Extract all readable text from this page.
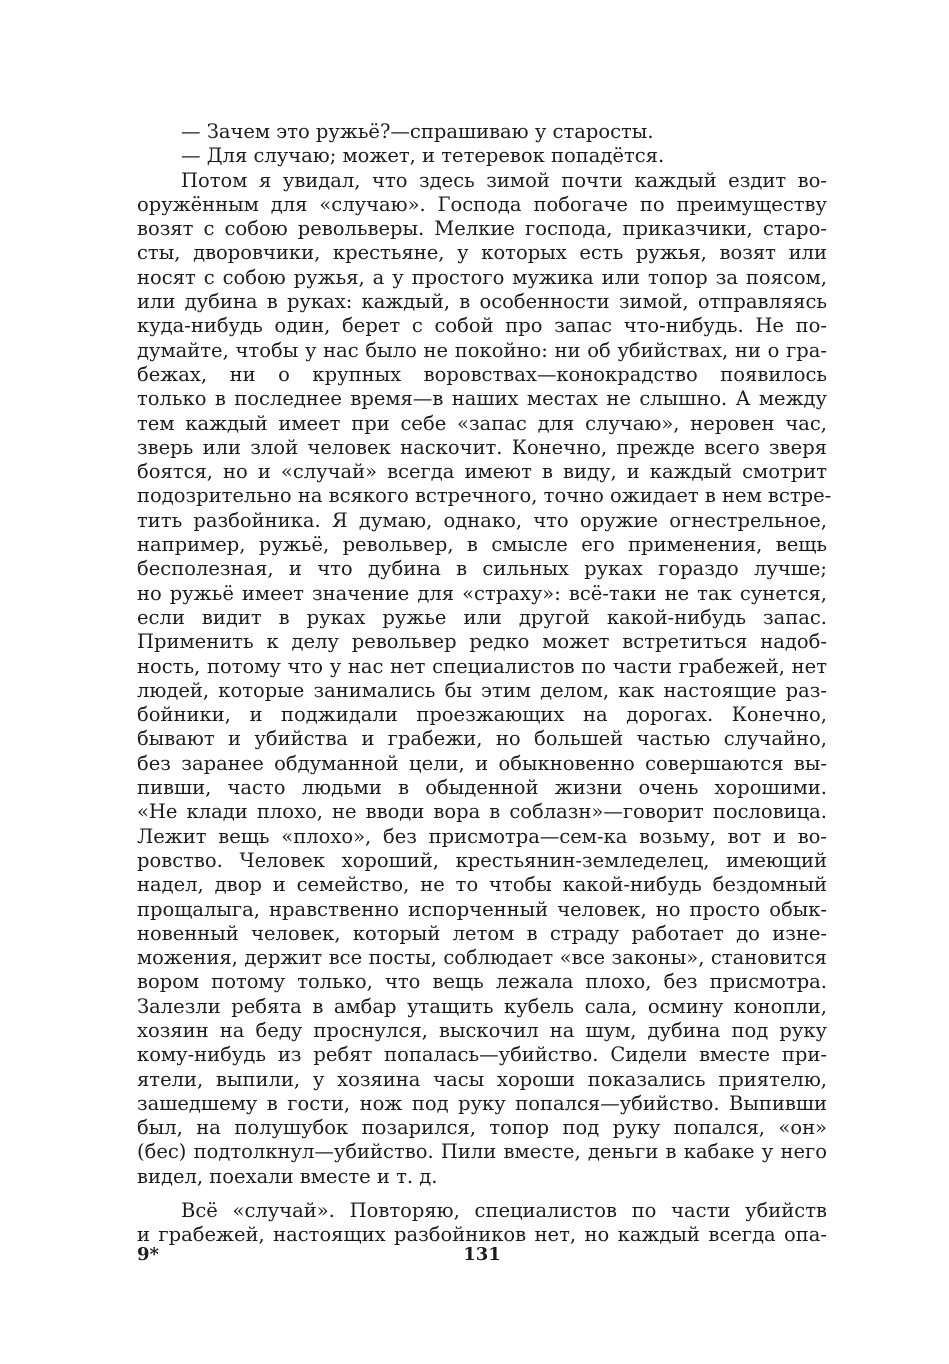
— Зачем это ружьё?—спрашиваю у старосты.
— Для случаю; может, и тетеревок попадётся.
Потом я увидал, что здесь зимой почти каждый ездит во-
оружённым для «случаю». Господа побогаче по преимуществу
возят с собою револьверы. Мелкие господа, приказчики, старо-
сты, дворовчики, крестьяне, у которых есть ружья, возят или
носят с собою ружья, а у простого мужика или топор за поясом,
или дубина в руках: каждый, в особенности зимой, отправляясь
куда-нибудь один, берет с собой про запас что-нибудь. Не по-
думайте, чтобы у нас было не покойно: ни об убийствах, ни о гра-
бежах, ни о крупных воровствах—конокрадство появилось
только в последнее время—в наших местах не слышно. А между
тем каждый имеет при себе «запас для случаю», неровен час,
зверь или злой человек наскочит. Конечно, прежде всего зверя
боятся, но и «случай» всегда имеют в виду, и каждый смотрит
подозрительно на всякого встречного, точно ожидает в нем встре-
тить разбойника. Я думаю, однако, что оружие огнестрельное,
например, ружьё, револьвер, в смысле его применения, вещь
бесполезная, и что дубина в сильных руках гораздо лучше;
но ружьё имеет значение для «страху»: всё-таки не так сунется,
если видит в руках ружье или другой какой-нибудь запас.
Применить к делу револьвер редко может встретиться надоб-
ность, потому что у нас нет специалистов по части грабежей, нет
людей, которые занимались бы этим делом, как настоящие раз-
бойники, и поджидали проезжающих на дорогах. Конечно,
бывают и убийства и грабежи, но большей частью случайно,
без заранее обдуманной цели, и обыкновенно совершаются вы-
пивши, часто людьми в обыденной жизни очень хорошими.
«Не клади плохо, не вводи вора в соблазн»—говорит пословица.
Лежит вещь «плохо», без присмотра—сем-ка возьму, вот и во-
ровство. Человек хороший, крестьянин-земледелец, имеющий
надел, двор и семейство, не то чтобы какой-нибудь бездомный
прощалыга, нравственно испорченный человек, но просто обык-
новенный человек, который летом в страду работает до изне-
можения, держит все посты, соблюдает «все законы», становится
вором потому только, что вещь лежала плохо, без присмотра.
Залезли ребята в амбар утащить кубель сала, осмину конопли,
хозяин на беду проснулся, выскочил на шум, дубина под руку
кому-нибудь из ребят попалась—убийство. Сидели вместе при-
ятели, выпили, у хозяина часы хороши показались приятелю,
зашедшему в гости, нож под руку попался—убийство. Выпивши
был, на полушубок позарился, топор под руку попался, «он»
(бес) подтолкнул—убийство. Пили вместе, деньги в кабаке у него
видел, поехали вместе и т. д.
Всё «случай». Повторяю, специалистов по части убийств
и грабежей, настоящих разбойников нет, но каждый всегда опа-
9*	131
